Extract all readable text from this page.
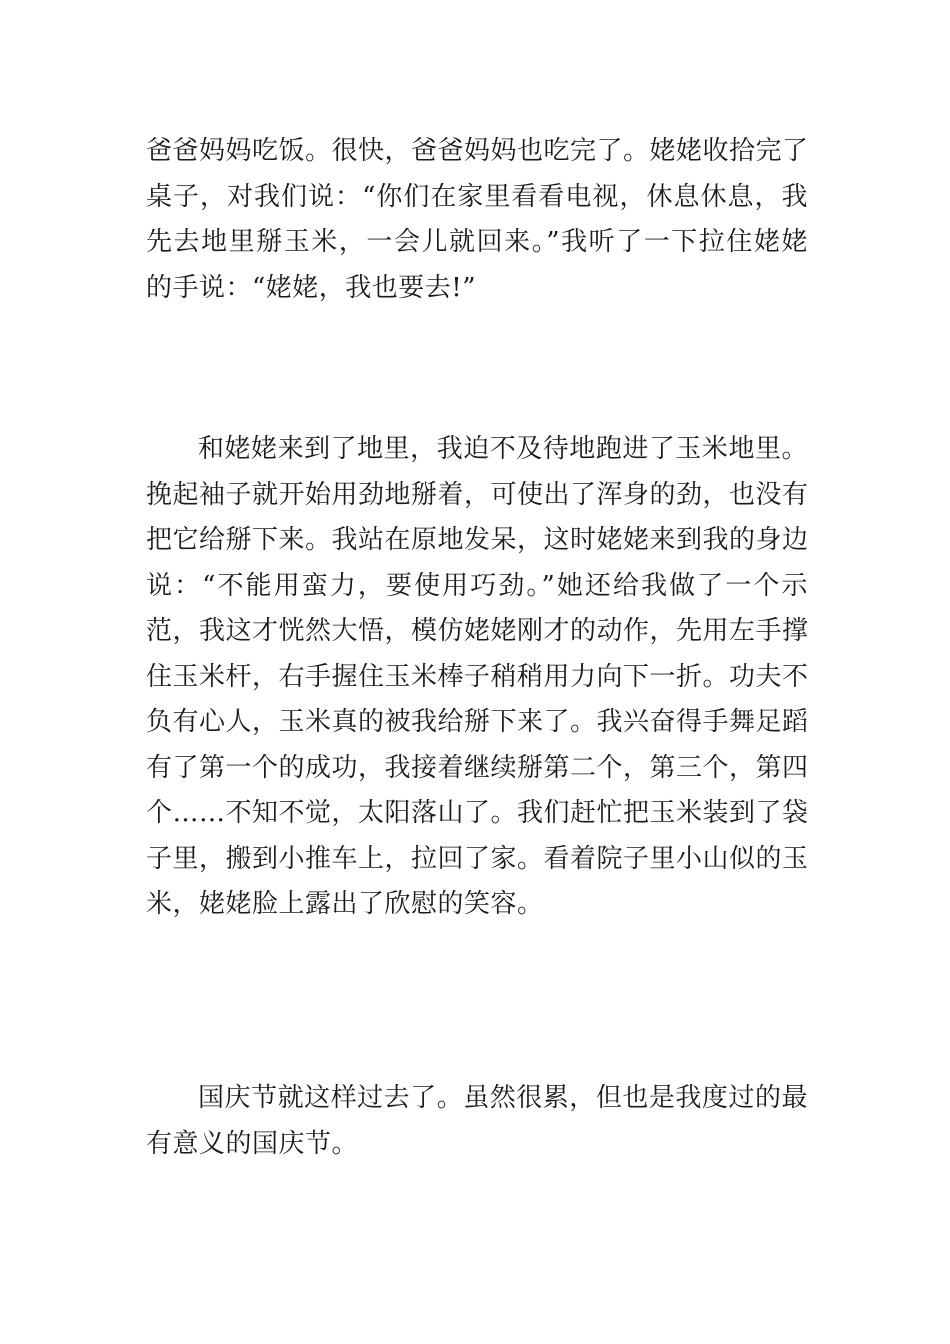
爸爸妈妈吃饭。很快，爸爸妈妈也吃完了。姥姥收拾完了
桌子，对我们说：“你们在家里看看电视，休息休息，我
先去地里掰玉米，一会儿就回来。”我听了一下拉住姥姥
的手说：“姥姥，我也要去!”

和姥姥来到了地里，我迫不及待地跑进了玉米地里。
挽起袖子就开始用劲地掰着，可使出了浑身的劲，也没有
把它给掰下来。我站在原地发呆，这时姥姥来到我的身边
说：“不能用蛮力，要使用巧劲。”她还给我做了一个示
范，我这才恍然大悟，模仿姥姥刚才的动作，先用左手撑
住玉米杆，右手握住玉米棒子稍稍用力向下一折。功夫不
负有心人，玉米真的被我给掰下来了。我兴奋得手舞足蹈
有了第一个的成功，我接着继续掰第二个，第三个，第四
个……不知不觉，太阳落山了。我们赶忙把玉米装到了袋
子里，搬到小推车上，拉回了家。看着院子里小山似的玉
米，姥姥脸上露出了欣慰的笑容。

国庆节就这样过去了。虽然很累，但也是我度过的最
有意义的国庆节。
